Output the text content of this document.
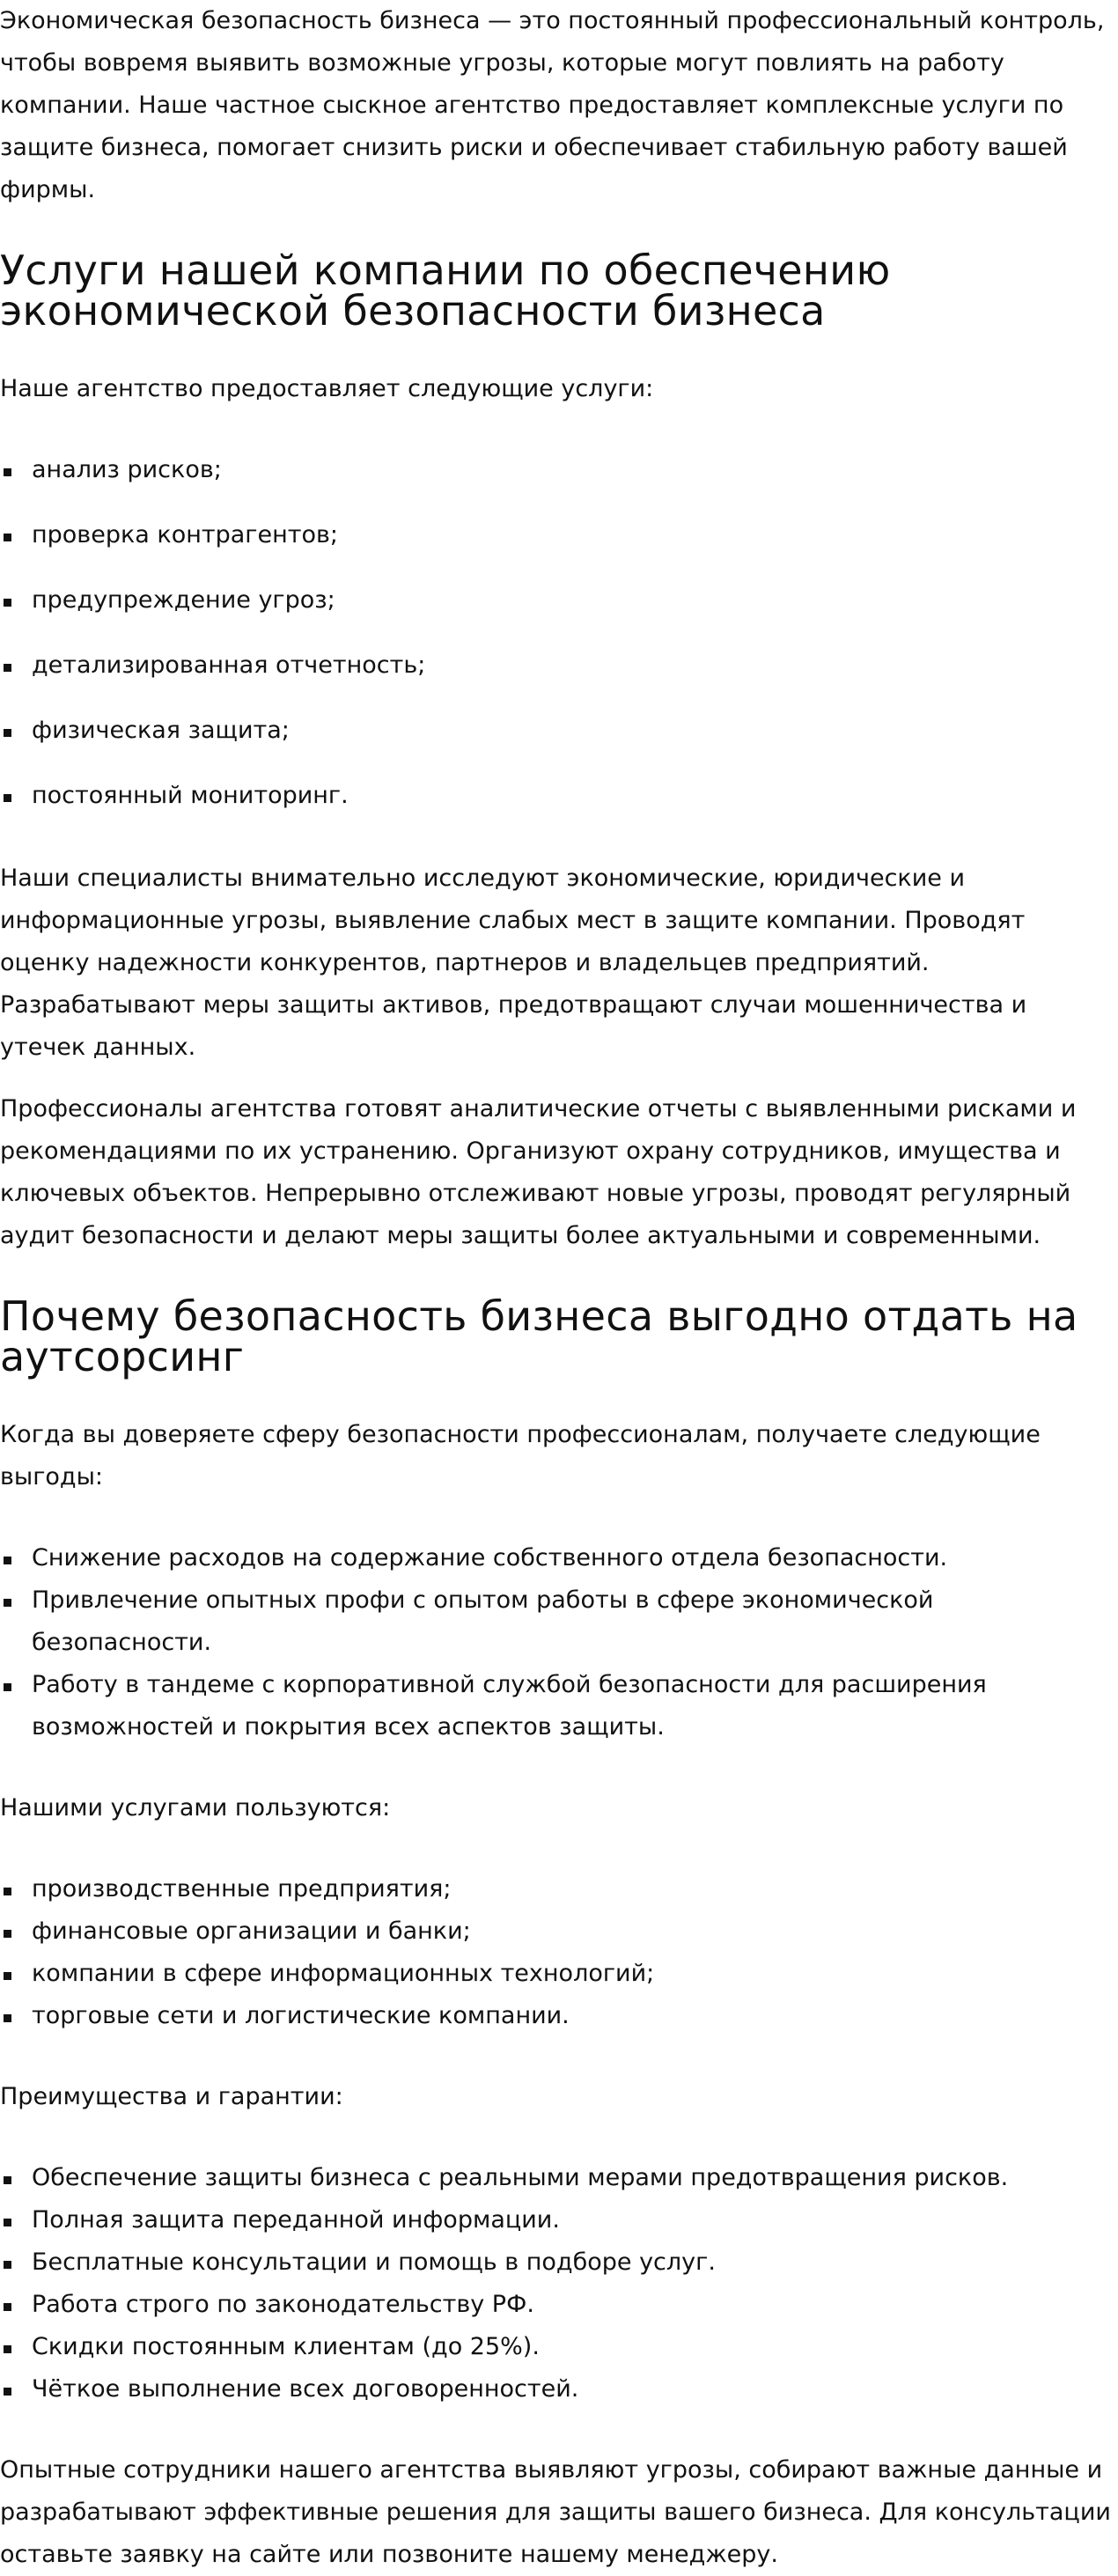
Экономическая безопасность бизнеса — это постоянный профессиональный контроль, чтобы вовремя выявить возможные угрозы, которые могут повлиять на работу компании. Наше частное сыскное агентство предоставляет комплексные услуги по защите бизнеса, помогает снизить риски и обеспечивает стабильную работу вашей фирмы.

Услуги нашей компании по обеспечению экономической безопасности бизнеса

Наше агентство предоставляет следующие услуги:

анализ рисков;
проверка контрагентов;
предупреждение угроз;
детализированная отчетность;
физическая защита;
постоянный мониторинг.

Наши специалисты внимательно исследуют экономические, юридические и информационные угрозы, выявление слабых мест в защите компании. Проводят оценку надежности конкурентов, партнеров и владельцев предприятий. Разрабатывают меры защиты активов, предотвращают случаи мошенничества и утечек данных.

Профессионалы агентства готовят аналитические отчеты с выявленными рисками и рекомендациями по их устранению. Организуют охрану сотрудников, имущества и ключевых объектов. Непрерывно отслеживают новые угрозы, проводят регулярный аудит безопасности и делают меры защиты более актуальными и современными.

Почему безопасность бизнеса выгодно отдать на аутсорсинг

Когда вы доверяете сферу безопасности профессионалам, получаете следующие выгоды:

Снижение расходов на содержание собственного отдела безопасности.
Привлечение опытных профи с опытом работы в сфере экономической безопасности.
Работу в тандеме с корпоративной службой безопасности для расширения возможностей и покрытия всех аспектов защиты.

Нашими услугами пользуются:

производственные предприятия;
финансовые организации и банки;
компании в сфере информационных технологий;
торговые сети и логистические компании.

Преимущества и гарантии:

Обеспечение защиты бизнеса с реальными мерами предотвращения рисков.
Полная защита переданной информации.
Бесплатные консультации и помощь в подборе услуг.
Работа строго по законодательству РФ.
Скидки постоянным клиентам (до 25%).
Чёткое выполнение всех договоренностей.

Опытные сотрудники нашего агентства выявляют угрозы, собирают важные данные и разрабатывают эффективные решения для защиты вашего бизнеса. Для консультации оставьте заявку на сайте или позвоните нашему менеджеру.
